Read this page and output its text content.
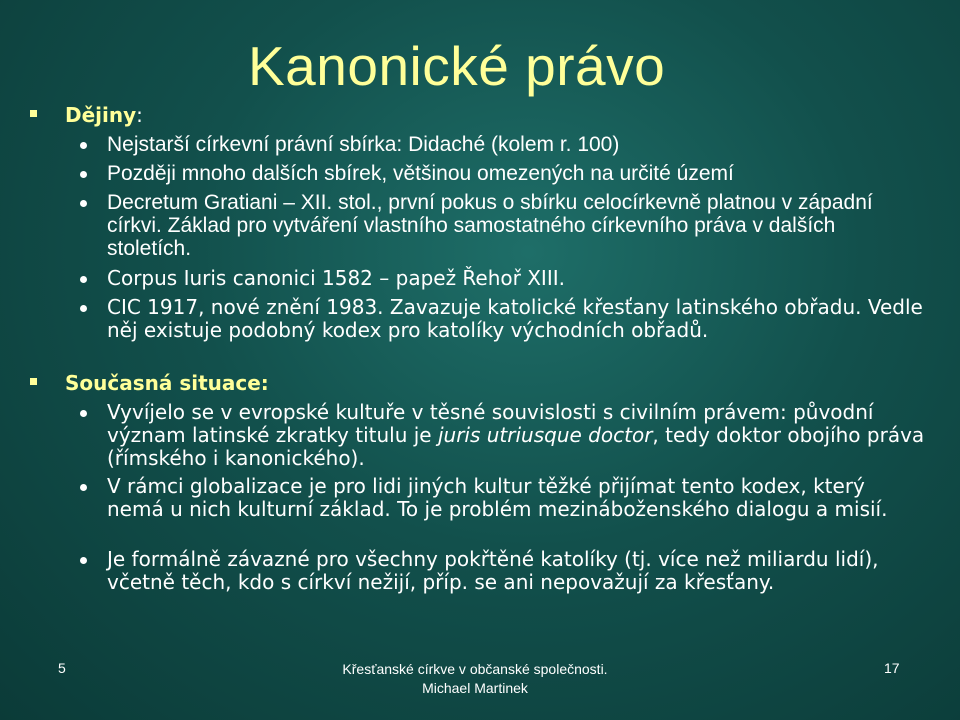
Kanonické právo
Dějiny:
Nejstarší církevní právní sbírka: Didaché (kolem r. 100)
Později mnoho dalších sbírek, většinou omezených na určité území
Decretum Gratiani – XII. stol., první pokus o sbírku celocírkevně platnou v západní církvi. Základ pro vytváření vlastního samostatného církevního práva v dalších stoletích.
Corpus Iuris canonici 1582 – papež Řehoř XIII.
CIC 1917, nové znění 1983. Zavazuje katolické křesťany latinského obřadu. Vedle něj existuje podobný kodex pro katolíky východních obřadů.
Současná situace:
Vyvíjelo se v evropské kultuře v těsné souvislosti s civilním právem: původní význam latinské zkratky titulu je juris utriusque doctor, tedy doktor obojího práva (římského i kanonického).
V rámci globalizace je pro lidi jiných kultur těžké přijímat tento kodex, který nemá u nich kulturní základ. To je problém mezináboženského dialogu a misií.
Je formálně závazné pro všechny pokřtěné katolíky (tj. více než miliardu lidí), včetně těch, kdo s církví nežijí, příp. se ani nepovažují za křesťany.
5	Křesťanské církve v občanské společnosti.
Michael Martinek
17
